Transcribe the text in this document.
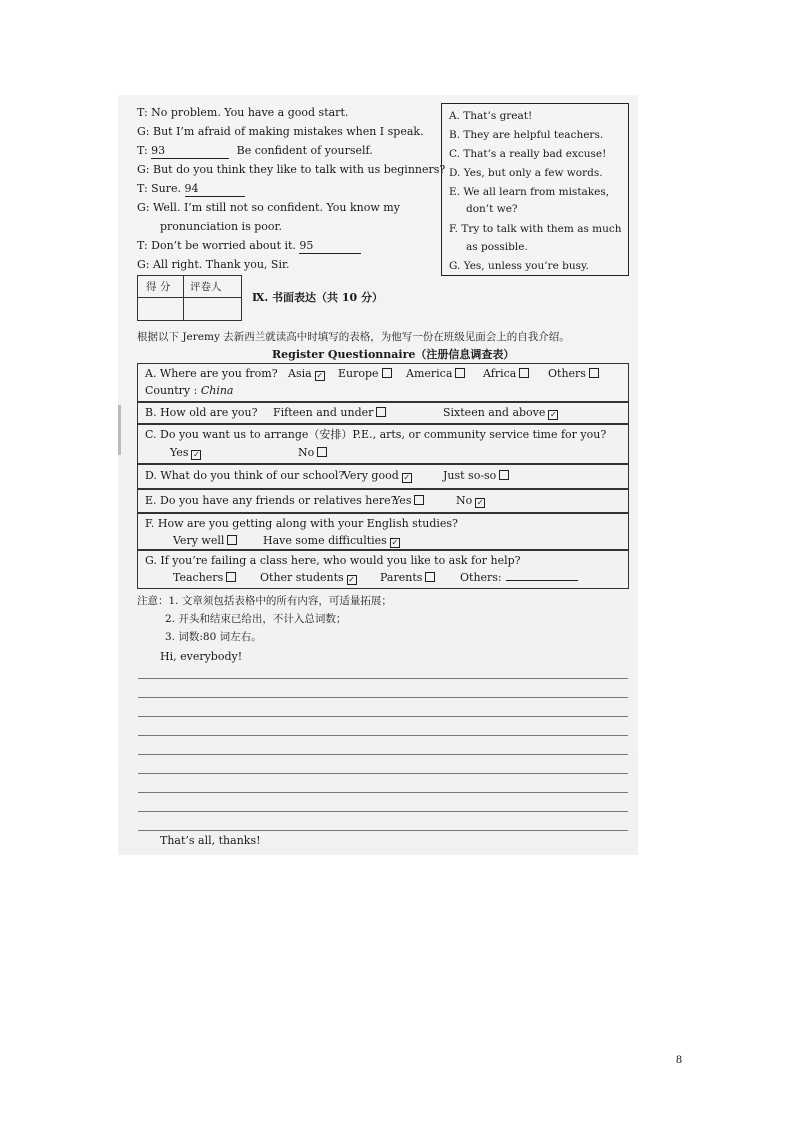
T: No problem. You have a good start.
G: But I’m afraid of making mistakes when I speak.
T: 93	Be confident of yourself.
G: But do you think they like to talk with us beginners?
T: Sure. 94
G: Well. I’m still not so confident. You know my
pronunciation is poor.
T: Don’t be worried about it. 95
G: All right. Thank you, Sir.
A. That’s great!
B. They are helpful teachers.
C. That’s a really bad excuse!
D. Yes, but only a few words.
E. We all learn from mistakes,
don’t we?
F. Try to talk with them as much
as possible.
G. Yes, unless you’re busy.
得 分 评卷人
Ⅸ. 书面表达（共 10 分）
根据以下 Jeremy 去新西兰就读高中时填写的表格，为他写一份在班级见面会上的自我介绍。
Register Questionnaire（注册信息调查表）
A. Where are you from? Asia ✓ Europe	America	Africa	Others
Country : China
B. How old are you? Fifteen and under	Sixteen and above ✓
C. Do you want us to arrange（安排）P.E., arts, or community service time for you?
Yes ✓	No
D. What do you think of our school?
Very good ✓	Just so-so
E. Do you have any friends or relatives here?
Yes	No ✓
F. How are you getting along with your English studies?
Very well	Have some difficulties ✓
G. If you’re failing a class here, who would you like to ask for help?
Teachers	Other students ✓ Parents	Others:
注意：1. 文章须包括表格中的所有内容，可适量拓展；
2. 开头和结束已给出，不计入总词数；
3. 词数:80 词左右。
Hi, everybody!
That’s all, thanks!
8
